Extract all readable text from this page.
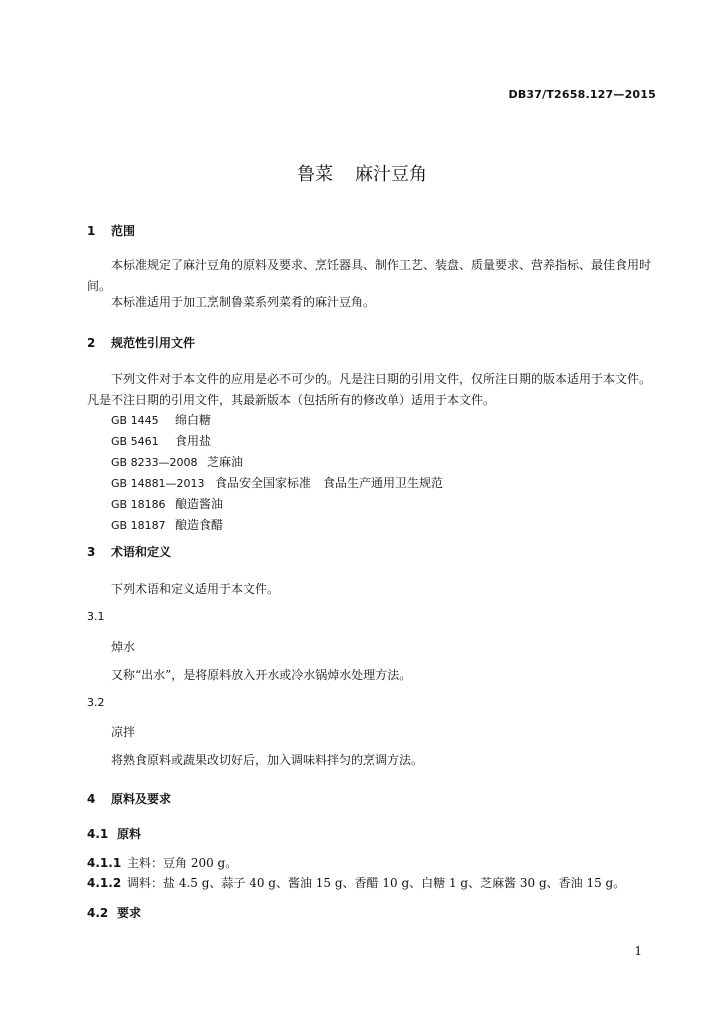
DB37/T2658.127—2015
鲁菜 麻汁豆角
1 范围
本标准规定了麻汁豆角的原料及要求、烹饪器具、制作工艺、装盘、质量要求、营养指标、最佳食用时间。
本标准适用于加工烹制鲁菜系列菜肴的麻汁豆角。
2 规范性引用文件
下列文件对于本文件的应用是必不可少的。凡是注日期的引用文件，仅所注日期的版本适用于本文件。凡是不注日期的引用文件，其最新版本（包括所有的修改单）适用于本文件。
GB 1445 绵白糖
GB 5461 食用盐
GB 8233—2008 芝麻油
GB 14881—2013 食品安全国家标准　食品生产通用卫生规范
GB 18186 酿造酱油
GB 18187 酿造食醋
3 术语和定义
下列术语和定义适用于本文件。
3.1
焯水
又称“出水”，是将原料放入开水或冷水锅焯水处理方法。
3.2
凉拌
将熟食原料或蔬果改切好后，加入调味料拌匀的烹调方法。
4 原料及要求
4.1 原料
4.1.1 主料：豆角 200 g。
4.1.2 调料：盐 4.5 g、蒜子 40 g、酱油 15 g、香醋 10 g、白糖 1 g、芝麻酱 30 g、香油 15 g。
4.2 要求
1
